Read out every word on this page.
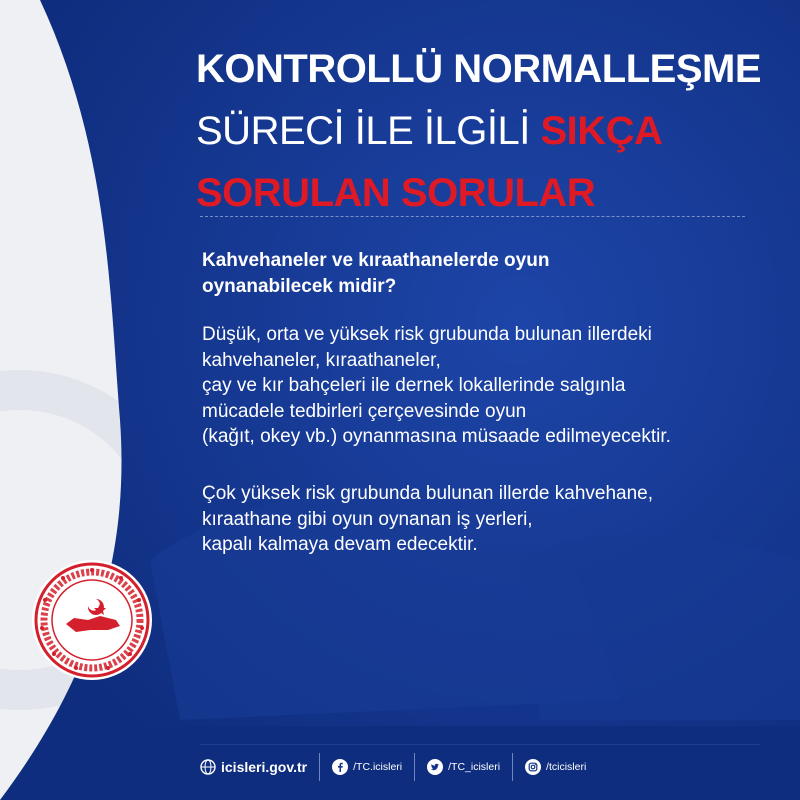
KONTROLLÜ NORMALLEŞME
SÜRECİ İLE İLGİLİ SIKÇA
SORULAN SORULAR
Kahvehaneler ve kıraathanelerde oyun
oynanabilecek midir?
Düşük, orta ve yüksek risk grubunda bulunan illerdeki
kahvehaneler, kıraathaneler,
çay ve kır bahçeleri ile dernek lokallerinde salgınla
mücadele tedbirleri çerçevesinde oyun
(kağıt, okey vb.) oynanmasına müsaade edilmeyecektir.
Çok yüksek risk grubunda bulunan illerde kahvehane,
kıraathane gibi oyun oynanan iş yerleri,
kapalı kalmaya devam edecektir.
icisleri.gov.tr	/TC.icisleri	/TC_icisleri	/tcicisleri
